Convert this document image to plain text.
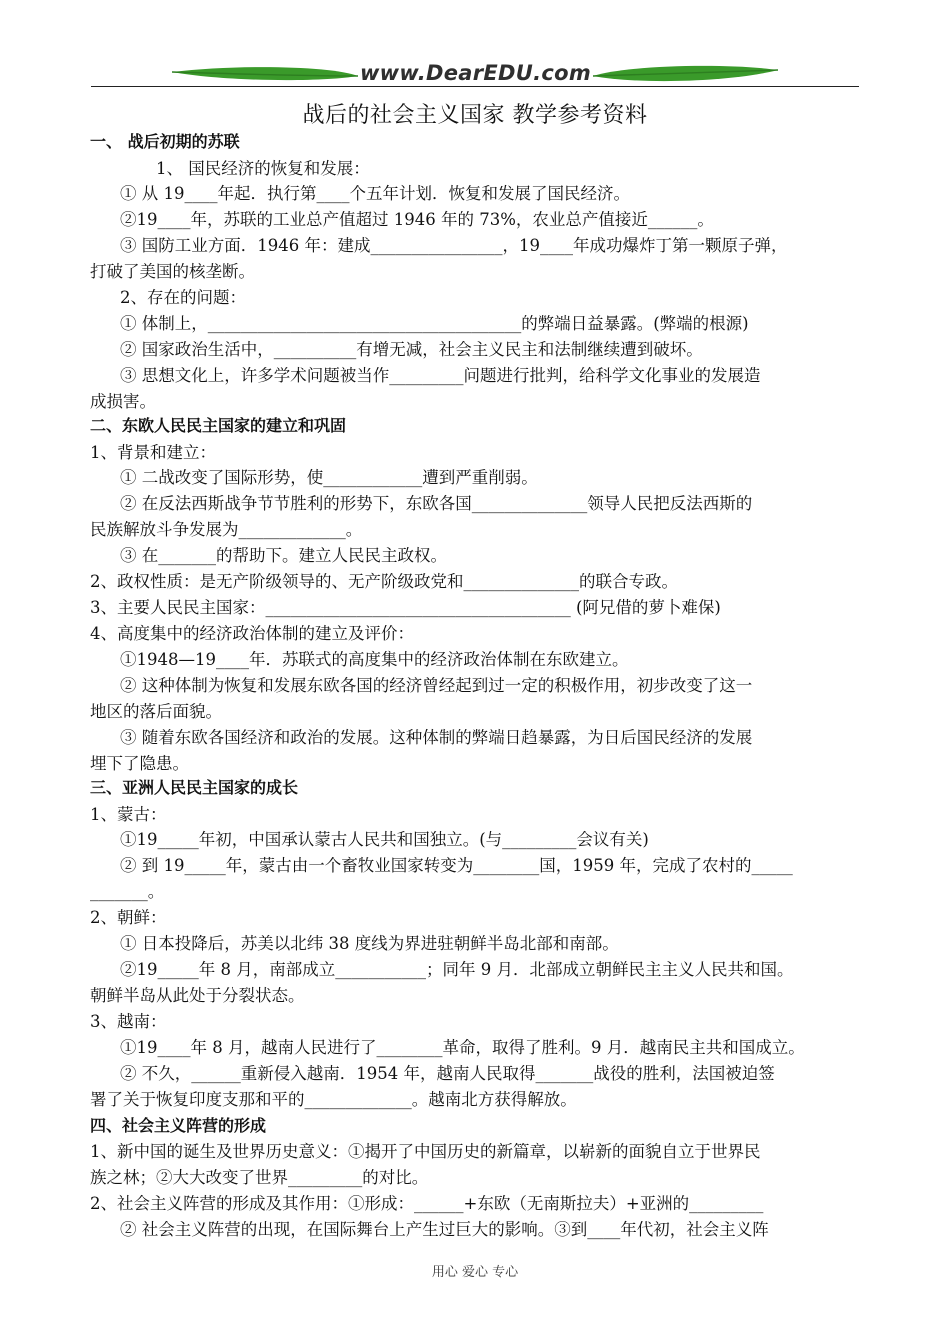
www.DearEDU.com
战后的社会主义国家 教学参考资料
一、 战后初期的苏联
1、 国民经济的恢复和发展：
① 从 19____年起．执行第____个五年计划．恢复和发展了国民经济。
②19____年，苏联的工业总产值超过 1946 年的 73%，农业总产值接近______。
③ 国防工业方面．1946 年：建成________________，19____年成功爆炸丁第一颗原子弹，
打破了美国的核垄断。
2、存在的问题：
① 体制上，______________________________________的弊端日益暴露。(弊端的根源)
② 国家政治生活中，__________有增无减，社会主义民主和法制继续遭到破坏。
③ 思想文化上，许多学术问题被当作_________问题进行批判，给科学文化事业的发展造
成损害。
二、东欧人民民主国家的建立和巩固
1、背景和建立：
① 二战改变了国际形势，使____________遭到严重削弱。
② 在反法西斯战争节节胜利的形势下，东欧各国______________领导人民把反法西斯的
民族解放斗争发展为_____________。
③ 在_______的帮助下。建立人民民主政权。
2、政权性质：是无产阶级领导的、无产阶级政党和______________的联合专政。
3、主要人民民主国家：_____________________________________ (阿兄借的萝卜难保)
4、高度集中的经济政治体制的建立及评价：
①1948—19____年．苏联式的高度集中的经济政治体制在东欧建立。
② 这种体制为恢复和发展东欧各国的经济曾经起到过一定的积极作用，初步改变了这一
地区的落后面貌。
③ 随着东欧各国经济和政治的发展。这种体制的弊端日趋暴露，为日后国民经济的发展
埋下了隐患。
三、亚洲人民民主国家的成长
1、蒙古：
①19_____年初，中国承认蒙古人民共和国独立。(与_________会议有关)
② 到 19_____年，蒙古由一个畜牧业国家转变为________国，1959 年，完成了农村的_____
_______。
2、朝鲜：
① 日本投降后，苏美以北纬 38 度线为界进驻朝鲜半岛北部和南部。
②19_____年 8 月，南部成立___________；同年 9 月．北部成立朝鲜民主主义人民共和国。
朝鲜半岛从此处于分裂状态。
3、越南：
①19____年 8 月，越南人民进行了________革命，取得了胜利。9 月．越南民主共和国成立。
② 不久，______重新侵入越南．1954 年，越南人民取得_______战役的胜利，法国被迫签
署了关于恢复印度支那和平的_____________。越南北方获得解放。
四、社会主义阵营的形成
1、新中国的诞生及世界历史意义：①揭开了中国历史的新篇章，以崭新的面貌自立于世界民
族之林；②大大改变了世界_________的对比。
2、社会主义阵营的形成及其作用：①形成：______+东欧（无南斯拉夫）+亚洲的_________
② 社会主义阵营的出现，在国际舞台上产生过巨大的影响。③到____年代初，社会主义阵
用心 爱心 专心
